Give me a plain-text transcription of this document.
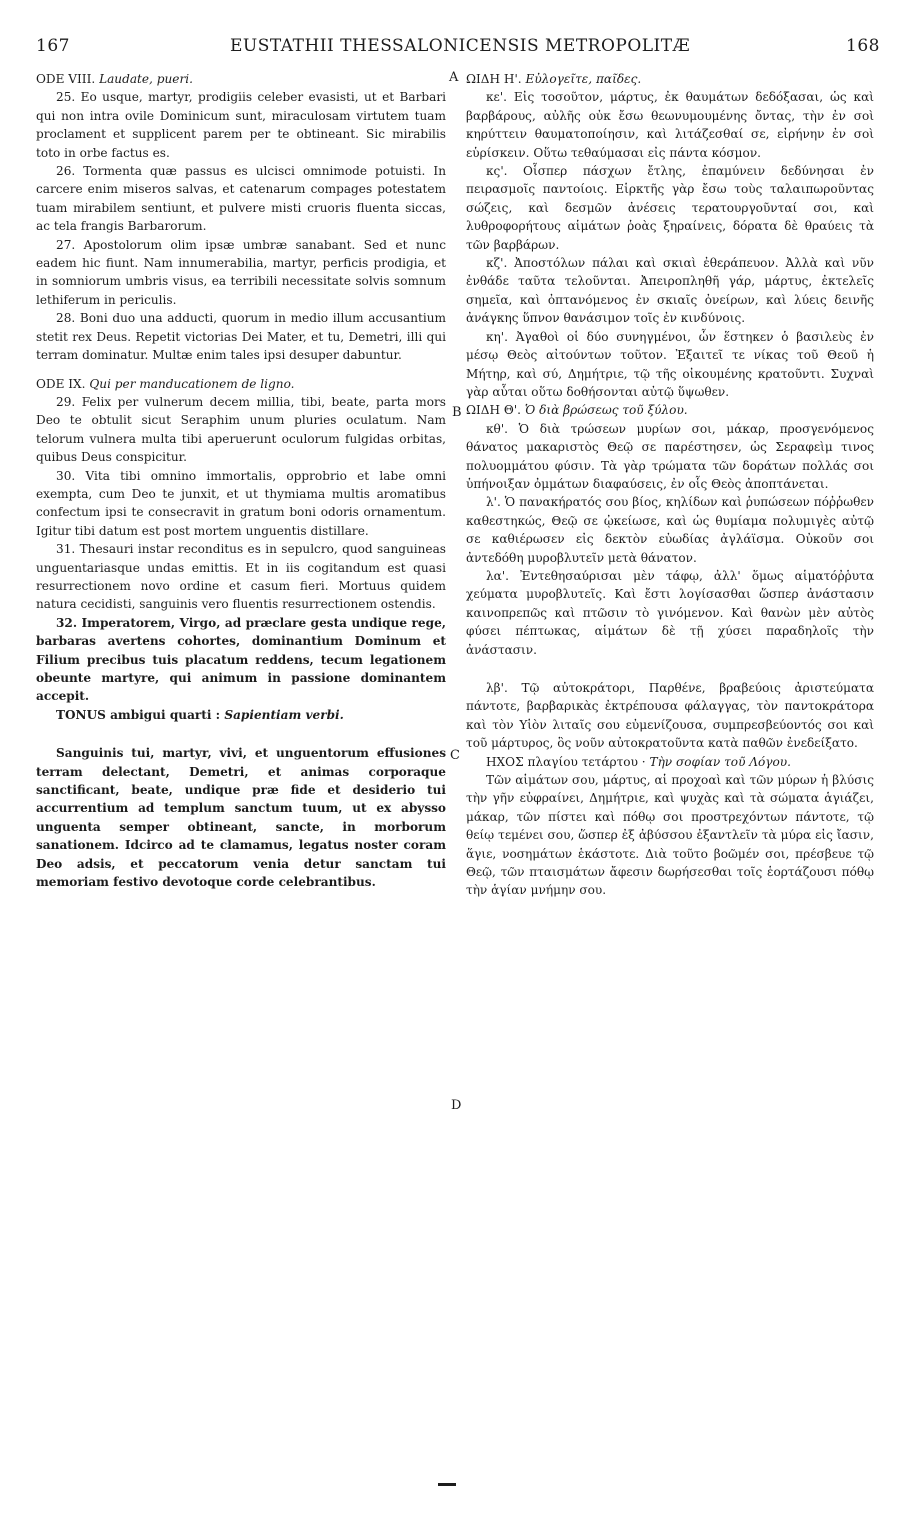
167	EUSTATHII THESSALONICENSIS METROPOLITÆ	168
A
B
C
D

ODE VIII. Laudate, pueri.

25. Eo usque, martyr, prodigiis celeber evasisti, ut et Barbari qui non intra ovile Dominicum sunt, miraculosam virtutem tuam proclament et supplicent parem per te obtineant. Sic mirabilis toto in orbe factus es.

26. Tormenta quæ passus es ulcisci omnimode potuisti. In carcere enim miseros salvas, et catenarum compages potestatem tuam mirabilem sentiunt, et pulvere misti cruoris fluenta siccas, ac tela frangis Barbarorum.

27. Apostolorum olim ipsæ umbræ sanabant. Sed et nunc eadem hic fiunt. Nam innumerabilia, martyr, perficis prodigia, et in somniorum umbris visus, ea terribili necessitate solvis somnum lethiferum in periculis.

28. Boni duo una adducti, quorum in medio illum accusantium stetit rex Deus. Repetit victorias Dei Mater, et tu, Demetri, illi qui terram dominatur. Multæ enim tales ipsi desuper dabuntur.

ODE IX. Qui per manducationem de ligno.

29. Felix per vulnerum decem millia, tibi, beate, parta mors Deo te obtulit sicut Seraphim unum pluries oculatum. Nam telorum vulnera multa tibi aperuerunt oculorum fulgidas orbitas, quibus Deus conspicitur.

30. Vita tibi omnino immortalis, opprobrio et labe omni exempta, cum Deo te junxit, et ut thymiama multis aromatibus confectum ipsi te consecravit in gratum boni odoris ornamentum. Igitur tibi datum est post mortem unguentis distillare.

31. Thesauri instar reconditus es in sepulcro, quod sanguineas unguentariasque undas emittis. Et in iis cogitandum est quasi resurrectionem novo ordine et casum fieri. Mortuus quidem natura cecidisti, sanguinis vero fluentis resurrectionem ostendis.

32. Imperatorem, Virgo, ad præclare gesta undique rege, barbaras avertens cohortes, dominantium Dominum et Filium precibus tuis placatum reddens, tecum legationem obeunte martyre, qui animum in passione dominantem accepit.

TONUS ambigui quarti : Sapientiam verbi.

Sanguinis tui, martyr, vivi, et unguentorum effusiones terram delectant, Demetri, et animas corporaque sanctificant, beate, undique præ fide et desiderio tui accurrentium ad templum sanctum tuum, ut ex abysso unguenta semper obtineant, sancte, in morborum sanationem. Idcirco ad te clamamus, legatus noster coram Deo adsis, et peccatorum venia detur sanctam tui memoriam festivo devotoque corde celebrantibus.

ΩΙΔΗ Η'. Εὐλογεῖτε, παῖδες.

κε'. Εἰς τοσοῦτον, μάρτυς, ἐκ θαυμάτων δεδόξασαι, ὡς καὶ βαρβάρους, αὐλῆς οὐκ ἔσω θεωνυμουμένης ὄντας, τὴν ἐν σοὶ κηρύττειν θαυματοποίησιν, καὶ λιτάζεσθαί σε, εἰρήνην ἐν σοὶ εὑρίσκειν. Οὕτω τεθαύμασαι εἰς πάντα κόσμον.

κς'. Οἷσπερ πάσχων ἔτλης, ἐπαμύνειν δεδύνησαι ἐν πειρασμοῖς παντοίοις. Εἱρκτῆς γὰρ ἔσω τοὺς ταλαιπωροῦντας σώζεις, καὶ δεσμῶν ἀνέσεις τερατουργοῦνταί σοι, καὶ λυθροφορήτους αἱμάτων ῥοὰς ξηραίνεις, δόρατα δὲ θραύεις τὰ τῶν βαρβάρων.

κζ'. Ἀποστόλων πάλαι καὶ σκιαὶ ἐθεράπευον. Ἀλλὰ καὶ νῦν ἐνθάδε ταῦτα τελοῦνται. Ἀπειροπληθῆ γάρ, μάρτυς, ἐκτελεῖς σημεῖα, καὶ ὀπτανόμενος ἐν σκιαῖς ὀνείρων, καὶ λύεις δεινῆς ἀνάγκης ὕπνον θανάσιμον τοῖς ἐν κινδύνοις.

κη'. Ἀγαθοὶ οἱ δύο συνηγμένοι, ὧν ἕστηκεν ὁ βασιλεὺς ἐν μέσῳ Θεὸς αἰτούντων τοῦτον. Ἐξαιτεῖ τε νίκας τοῦ Θεοῦ ἡ Μήτηρ, καὶ σύ, Δημήτριε, τῷ τῆς οἰκουμένης κρατοῦντι. Συχναὶ γὰρ αὗται οὕτω δοθήσονται αὐτῷ ὕψωθεν.

ΩΙΔΗ Θ'. Ὁ διὰ βρώσεως τοῦ ξύλου.

κθ'. Ὁ διὰ τρώσεων μυρίων σοι, μάκαρ, προσγενόμενος θάνατος μακαριστὸς Θεῷ σε παρέστησεν, ὡς Σεραφεὶμ τινος πολυομμάτου φύσιν. Τὰ γὰρ τρώματα τῶν δοράτων πολλάς σοι ὑπήνοιξαν ὀμμάτων διαφαύσεις, ἐν οἷς Θεὸς ἀποπτάνεται.

λ'. Ὁ πανακήρατός σου βίος, κηλίδων καὶ ῥυπώσεων πόῤῥωθεν καθεστηκώς, Θεῷ σε ᾠκείωσε, καὶ ὡς θυμίαμα πολυμιγὲς αὐτῷ σε καθιέρωσεν εἰς δεκτὸν εὐωδίας ἀγλάϊσμα. Οὐκοῦν σοι ἀντεδόθη μυροβλυτεῖν μετὰ θάνατον.

λα'. Ἐντεθησαύρισαι μὲν τάφῳ, ἀλλ' ὅμως αἱματόῤῥυτα χεύματα μυροβλυτεῖς. Καὶ ἔστι λογίσασθαι ὥσπερ ἀνάστασιν καινοπρεπῶς καὶ πτῶσιν τὸ γινόμενον. Καὶ θανὼν μὲν αὐτὸς φύσει πέπτωκας, αἱμάτων δὲ τῇ χύσει παραδηλοῖς τὴν ἀνάστασιν.

λβ'. Τῷ αὐτοκράτορι, Παρθένε, βραβεύοις ἀριστεύματα πάντοτε, βαρβαρικὰς ἐκτρέπουσα φάλαγγας, τὸν παντοκράτορα καὶ τὸν Υἱὸν λιταῖς σου εὐμενίζουσα, συμπρεσβεύοντός σοι καὶ τοῦ μάρτυρος, ὃς νοῦν αὐτοκρατοῦντα κατὰ παθῶν ἐνεδείξατο.

ΗΧΟΣ πλαγίου τετάρτου · Τὴν σοφίαν τοῦ Λόγου.

Τῶν αἱμάτων σου, μάρτυς, αἱ προχοαὶ καὶ τῶν μύρων ἡ βλύσις τὴν γῆν εὐφραίνει, Δημήτριε, καὶ ψυχὰς καὶ τὰ σώματα ἁγιάζει, μάκαρ, τῶν πίστει καὶ πόθῳ σοι προστρεχόντων πάντοτε, τῷ θείῳ τεμένει σου, ὥσπερ ἐξ ἀβύσσου ἐξαντλεῖν τὰ μύρα εἰς ἴασιν, ἅγιε, νοσημάτων ἑκάστοτε. Διὰ τοῦτο βοῶμέν σοι, πρέσβευε τῷ Θεῷ, τῶν πταισμάτων ἄφεσιν δωρήσεσθαι τοῖς ἑορτάζουσι πόθῳ τὴν ἁγίαν μνήμην σου.
